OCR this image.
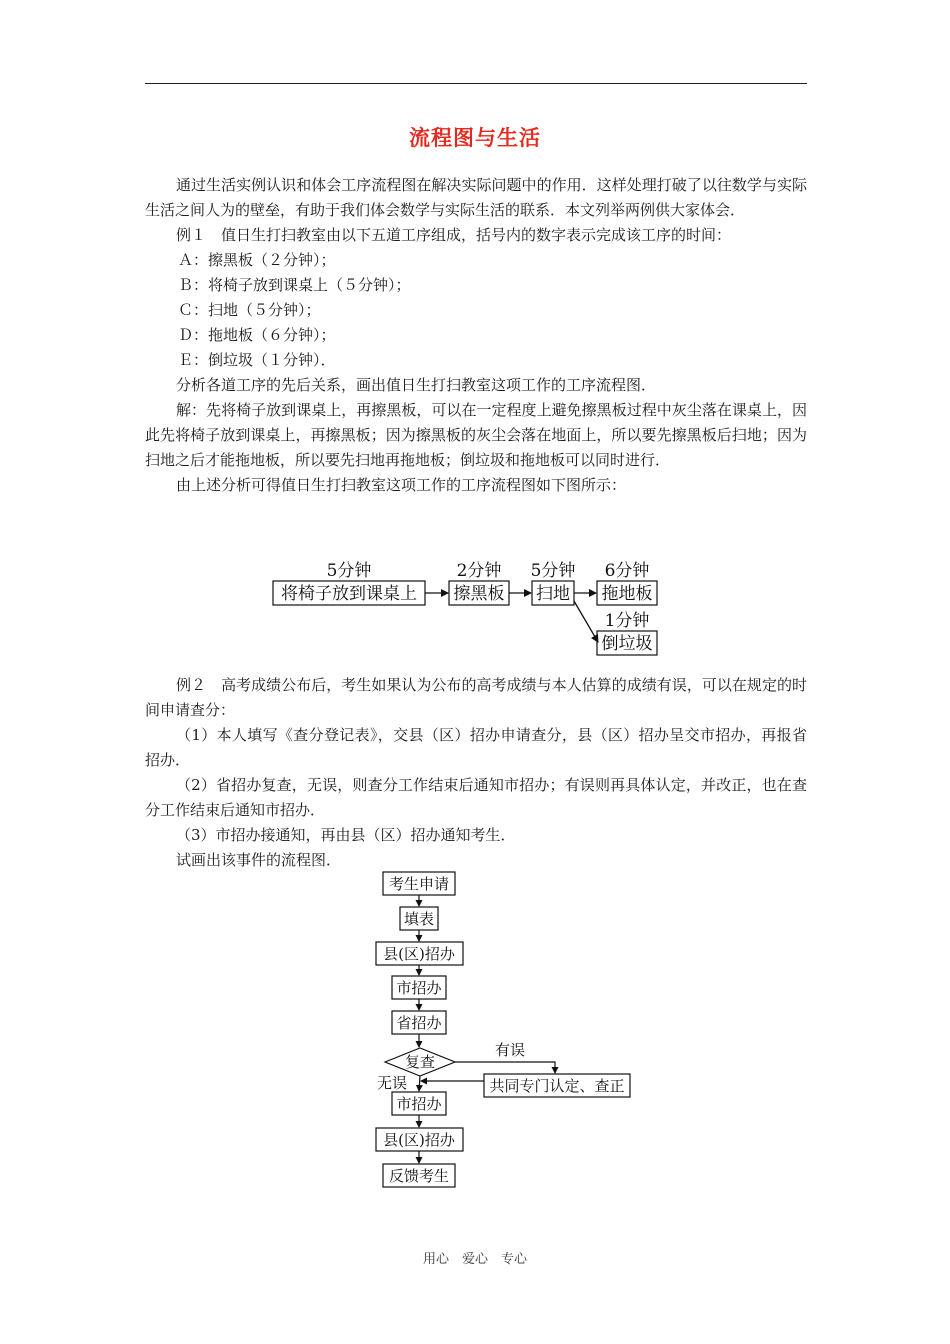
流程图与生活

通过生活实例认识和体会工序流程图在解决实际问题中的作用．这样处理打破了以往数学与实际生活之间人为的壁垒，有助于我们体会数学与实际生活的联系．本文列举两例供大家体会．

例１　值日生打扫教室由以下五道工序组成，括号内的数字表示完成该工序的时间：

Ａ：擦黑板（２分钟）；

Ｂ：将椅子放到课桌上（５分钟）；

Ｃ：扫地（５分钟）；

Ｄ：拖地板（６分钟）；

Ｅ：倒垃圾（１分钟）．

分析各道工序的先后关系，画出值日生打扫教室这项工作的工序流程图．

解：先将椅子放到课桌上，再擦黑板，可以在一定程度上避免擦黑板过程中灰尘落在课桌上，因此先将椅子放到课桌上，再擦黑板；因为擦黑板的灰尘会落在地面上，所以要先擦黑板后扫地；因为扫地之后才能拖地板，所以要先扫地再拖地板；倒垃圾和拖地板可以同时进行．

由上述分析可得值日生打扫教室这项工作的工序流程图如下图所示：

5分钟	2分钟 5分钟 6分钟
1分钟
将椅子放到课桌上 擦黑板 扫地 拖地板
倒垃圾

例２　高考成绩公布后，考生如果认为公布的高考成绩与本人估算的成绩有误，可以在规定的时间申请查分：

（1）本人填写《查分登记表》，交县（区）招办申请查分，县（区）招办呈交市招办，再报省招办．

（2）省招办复查，无误，则查分工作结束后通知市招办；有误则再具体认定，并改正，也在查分工作结束后通知市招办．

（3）市招办接通知，再由县（区）招办通知考生．

试画出该事件的流程图．

考生申请
填表
县(区)招办
市招办
省招办
复查
市招办
县(区)招办
反馈考生
共同专门认定、查正
有误
无误
用心　爱心　专心
